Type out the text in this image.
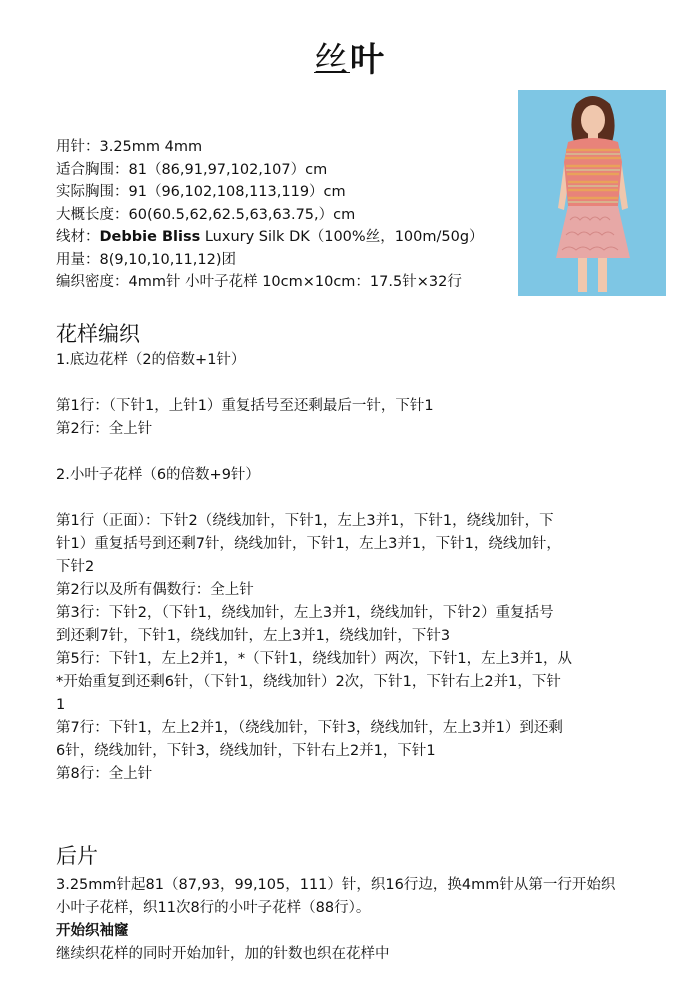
丝叶
用针：3.25mm 4mm
适合胸围：81（86,91,97,102,107）cm
实际胸围：91（96,102,108,113,119）cm
大概长度：60(60.5,62,62.5,63,63.75,）cm
线材：Debbie Bliss Luxury Silk DK（100%丝，100m/50g）
用量：8(9,10,10,11,12)团
编织密度：4mm针 小叶子花样 10cm×10cm：17.5针×32行
花样编织

1.底边花样（2的倍数+1针）

第1行：（下针1，上针1）重复括号至还剩最后一针，下针1

第2行：全上针

2.小叶子花样（6的倍数+9针）

第1行（正面）：下针2（绕线加针，下针1，左上3并1，下针1，绕线加针，下

针1）重复括号到还剩7针，绕线加针，下针1，左上3并1，下针1，绕线加针，

下针2

第2行以及所有偶数行：全上针

第3行：下针2，（下针1，绕线加针，左上3并1，绕线加针，下针2）重复括号

到还剩7针，下针1，绕线加针，左上3并1，绕线加针，下针3

第5行：下针1，左上2并1，*（下针1，绕线加针）两次，下针1，左上3并1，从

*开始重复到还剩6针，（下针1，绕线加针）2次，下针1，下针右上2并1，下针

1

第7行：下针1，左上2并1，（绕线加针，下针3，绕线加针，左上3并1）到还剩

6针，绕线加针，下针3，绕线加针，下针右上2并1，下针1

第8行：全上针

后片

3.25mm针起81（87,93，99,105，111）针，织16行边，换4mm针从第一行开始织

小叶子花样，织11次8行的小叶子花样（88行）。

开始织袖窿

继续织花样的同时开始加针，加的针数也织在花样中
